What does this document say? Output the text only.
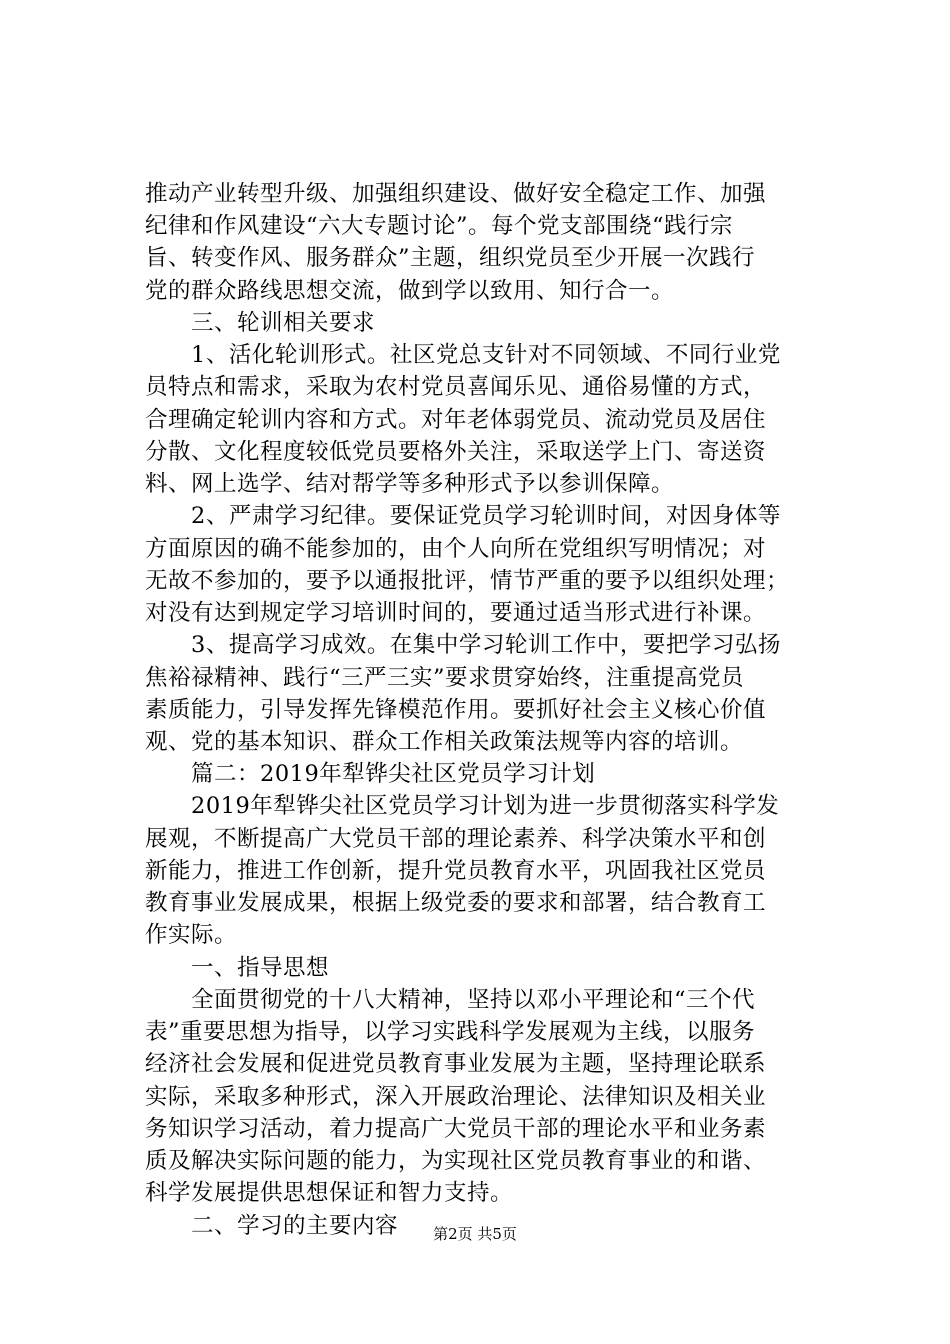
推动产业转型升级、加强组织建设、做好安全稳定工作、加强
纪律和作风建设“六大专题讨论”。每个党支部围绕“践行宗
旨、转变作风、服务群众”主题，组织党员至少开展一次践行
党的群众路线思想交流，做到学以致用、知行合一。
　　三、轮训相关要求
　　1、活化轮训形式。社区党总支针对不同领域、不同行业党
员特点和需求，采取为农村党员喜闻乐见、通俗易懂的方式，
合理确定轮训内容和方式。对年老体弱党员、流动党员及居住
分散、文化程度较低党员要格外关注，采取送学上门、寄送资
料、网上选学、结对帮学等多种形式予以参训保障。
　　2、严肃学习纪律。要保证党员学习轮训时间，对因身体等
方面原因的确不能参加的，由个人向所在党组织写明情况；对
无故不参加的，要予以通报批评，情节严重的要予以组织处理；
对没有达到规定学习培训时间的，要通过适当形式进行补课。
　　3、提高学习成效。在集中学习轮训工作中，要把学习弘扬
焦裕禄精神、践行“三严三实”要求贯穿始终，注重提高党员
素质能力，引导发挥先锋模范作用。要抓好社会主义核心价值
观、党的基本知识、群众工作相关政策法规等内容的培训。
　　篇二：2019年犁铧尖社区党员学习计划
　　2019年犁铧尖社区党员学习计划为进一步贯彻落实科学发
展观，不断提高广大党员干部的理论素养、科学决策水平和创
新能力，推进工作创新，提升党员教育水平，巩固我社区党员
教育事业发展成果，根据上级党委的要求和部署，结合教育工
作实际。
　　一、指导思想
　　全面贯彻党的十八大精神，坚持以邓小平理论和“三个代
表”重要思想为指导，以学习实践科学发展观为主线，以服务
经济社会发展和促进党员教育事业发展为主题，坚持理论联系
实际，采取多种形式，深入开展政治理论、法律知识及相关业
务知识学习活动，着力提高广大党员干部的理论水平和业务素
质及解决实际问题的能力，为实现社区党员教育事业的和谐、
科学发展提供思想保证和智力支持。
　　二、学习的主要内容	第2页 共5页
